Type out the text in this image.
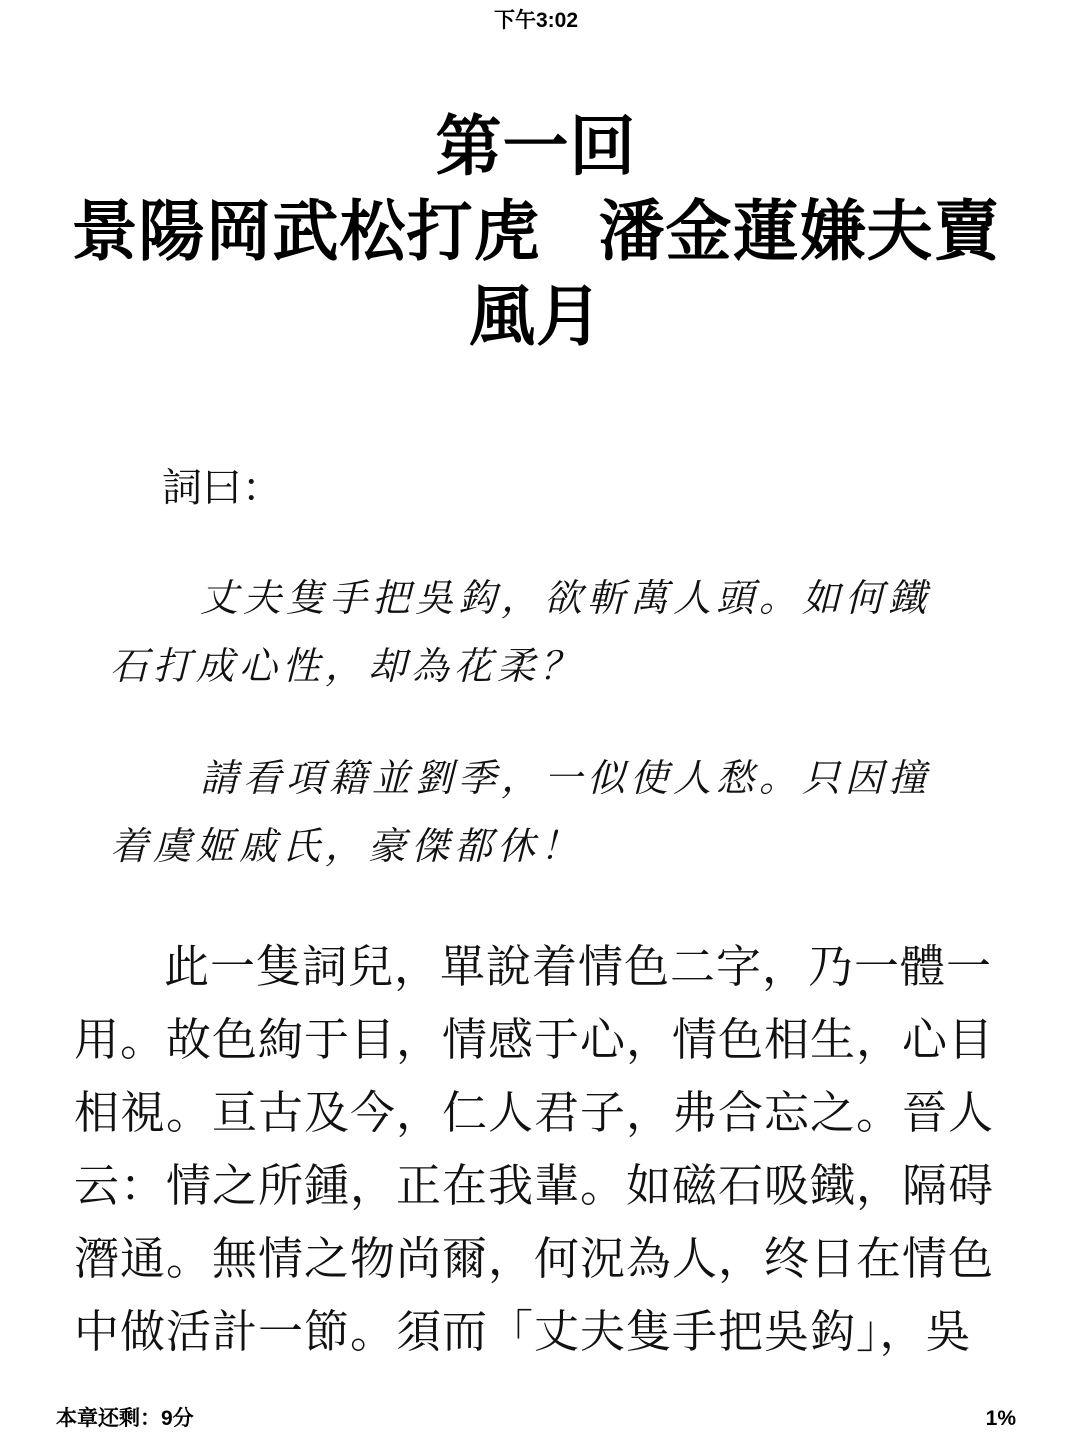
下午3:02
第一回
景陽岡武松打虎 潘金蓮嫌夫賣
風月
詞曰：
丈夫隻手把吳鈎，欲斬萬人頭。如何鐵
石打成心性，却為花柔？
請看項籍並劉季，一似使人愁。只因撞
着虞姬戚氏，豪傑都休！
此一隻詞兒，單說着情色二字，乃一體一
用。故色絢于目，情感于心，情色相生，心目
相視。亘古及今，仁人君子，弗合忘之。晉人
云：情之所鍾，正在我輩。如磁石吸鐵，隔碍
潛通。無情之物尚爾，何況為人，终日在情色
中做活計一節。須而「丈夫隻手把吳鈎」，吳
本章还剩：9分	1%
